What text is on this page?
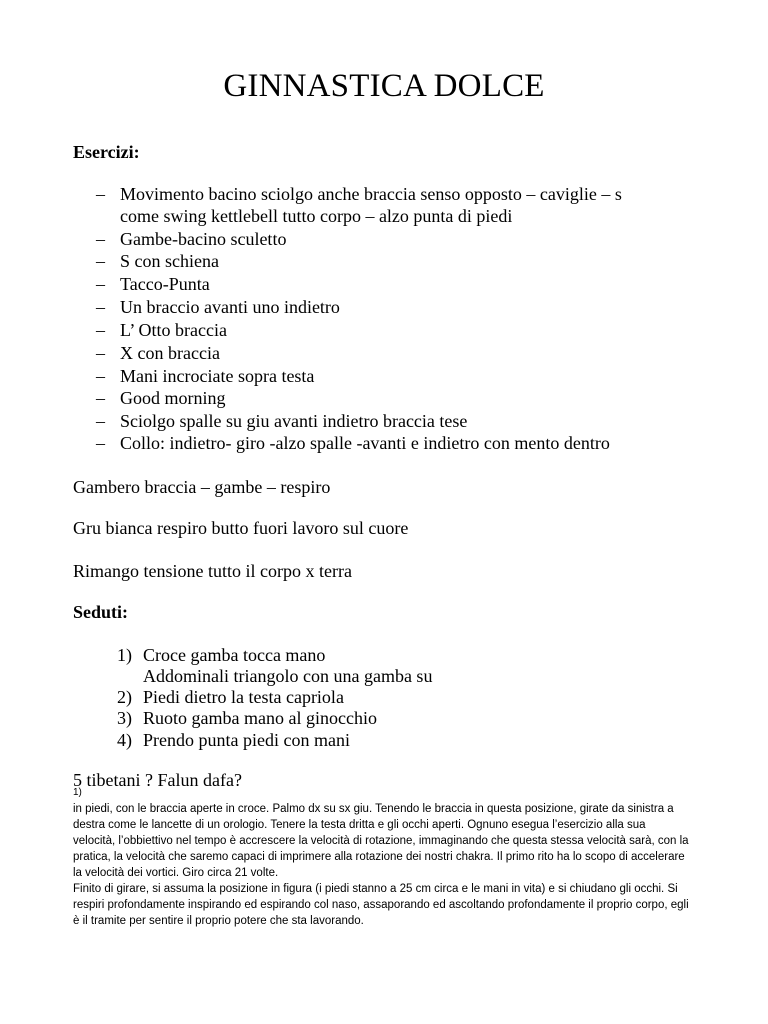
GINNASTICA DOLCE
Esercizi:
– Movimento bacino sciolgo anche braccia senso opposto – caviglie – s
come swing kettlebell tutto corpo – alzo punta di piedi
– Gambe-bacino sculetto
– S con schiena
– Tacco-Punta
– Un braccio avanti uno indietro
– L’ Otto braccia
– X con braccia
– Mani incrociate sopra testa
– Good morning
– Sciolgo spalle su giu avanti indietro braccia tese
– Collo: indietro- giro -alzo spalle -avanti e indietro con mento dentro
Gambero braccia – gambe – respiro
Gru bianca respiro butto fuori lavoro sul cuore
Rimango tensione tutto il corpo x terra
Seduti:
1) Croce gamba tocca mano
Addominali triangolo con una gamba su
2) Piedi dietro la testa capriola
3) Ruoto gamba mano al ginocchio
4) Prendo punta piedi con mani
5 tibetani ? Falun dafa?
1)
in piedi, con le braccia aperte in croce. Palmo dx su sx giu. Tenendo le braccia in questa posizione, girate da sinistra a
destra come le lancette di un orologio. Tenere la testa dritta e gli occhi aperti. Ognuno esegua l’esercizio alla sua
velocità, l’obbiettivo nel tempo è accrescere la velocità di rotazione, immaginando che questa stessa velocità sarà, con la
pratica, la velocità che saremo capaci di imprimere alla rotazione dei nostri chakra. Il primo rito ha lo scopo di accelerare
la velocità dei vortici. Giro circa 21 volte.
Finito di girare, si assuma la posizione in figura (i piedi stanno a 25 cm circa e le mani in vita) e si chiudano gli occhi. Si
respiri profondamente inspirando ed espirando col naso, assaporando ed ascoltando profondamente il proprio corpo, egli
è il tramite per sentire il proprio potere che sta lavorando.
